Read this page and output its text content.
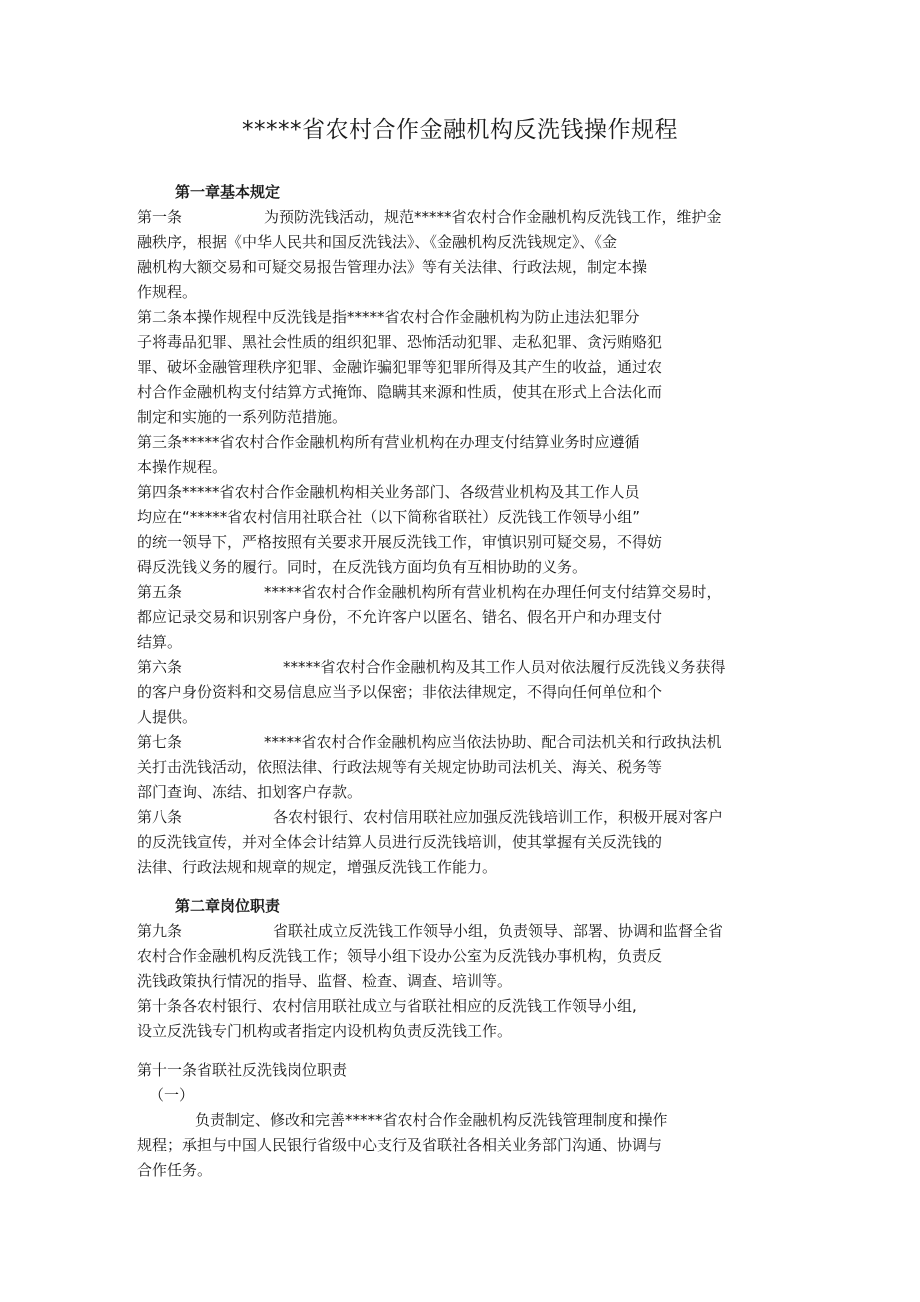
*****省农村合作金融机构反洗钱操作规程
第一章基本规定
第一条	为预防洗钱活动，规范*****省农村合作金融机构反洗钱工作，维护金
融秩序，根据《中华人民共和国反洗钱法》、《金融机构反洗钱规定》、《金
融机构大额交易和可疑交易报告管理办法》等有关法律、行政法规，制定本操
作规程。
第二条本操作规程中反洗钱是指*****省农村合作金融机构为防止违法犯罪分
子将毒品犯罪、黑社会性质的组织犯罪、恐怖活动犯罪、走私犯罪、贪污贿赂犯
罪、破坏金融管理秩序犯罪、金融诈骗犯罪等犯罪所得及其产生的收益，通过农
村合作金融机构支付结算方式掩饰、隐瞒其来源和性质，使其在形式上合法化而
制定和实施的一系列防范措施。
第三条*****省农村合作金融机构所有营业机构在办理支付结算业务时应遵循
本操作规程。
第四条*****省农村合作金融机构相关业务部门、各级营业机构及其工作人员
均应在“*****省农村信用社联合社（以下简称省联社）反洗钱工作领导小组”
的统一领导下，严格按照有关要求开展反洗钱工作，审慎识别可疑交易，不得妨
碍反洗钱义务的履行。同时，在反洗钱方面均负有互相协助的义务。
第五条	*****省农村合作金融机构所有营业机构在办理任何支付结算交易时，
都应记录交易和识别客户身份，不允许客户以匿名、错名、假名开户和办理支付
结算。
第六条	*****省农村合作金融机构及其工作人员对依法履行反洗钱义务获得
的客户身份资料和交易信息应当予以保密；非依法律规定，不得向任何单位和个
人提供。
第七条	*****省农村合作金融机构应当依法协助、配合司法机关和行政执法机
关打击洗钱活动，依照法律、行政法规等有关规定协助司法机关、海关、税务等
部门查询、冻结、扣划客户存款。
第八条	各农村银行、农村信用联社应加强反洗钱培训工作，积极开展对客户
的反洗钱宣传，并对全体会计结算人员进行反洗钱培训，使其掌握有关反洗钱的
法律、行政法规和规章的规定，增强反洗钱工作能力。
第二章岗位职责
第九条	省联社成立反洗钱工作领导小组，负责领导、部署、协调和监督全省
农村合作金融机构反洗钱工作；领导小组下设办公室为反洗钱办事机构，负责反
洗钱政策执行情况的指导、监督、检查、调查、培训等。
第十条各农村银行、农村信用联社成立与省联社相应的反洗钱工作领导小组,
设立反洗钱专门机构或者指定内设机构负责反洗钱工作。
第十一条省联社反洗钱岗位职责
（一）
负责制定、修改和完善*****省农村合作金融机构反洗钱管理制度和操作
规程；承担与中国人民银行省级中心支行及省联社各相关业务部门沟通、协调与
合作任务。
